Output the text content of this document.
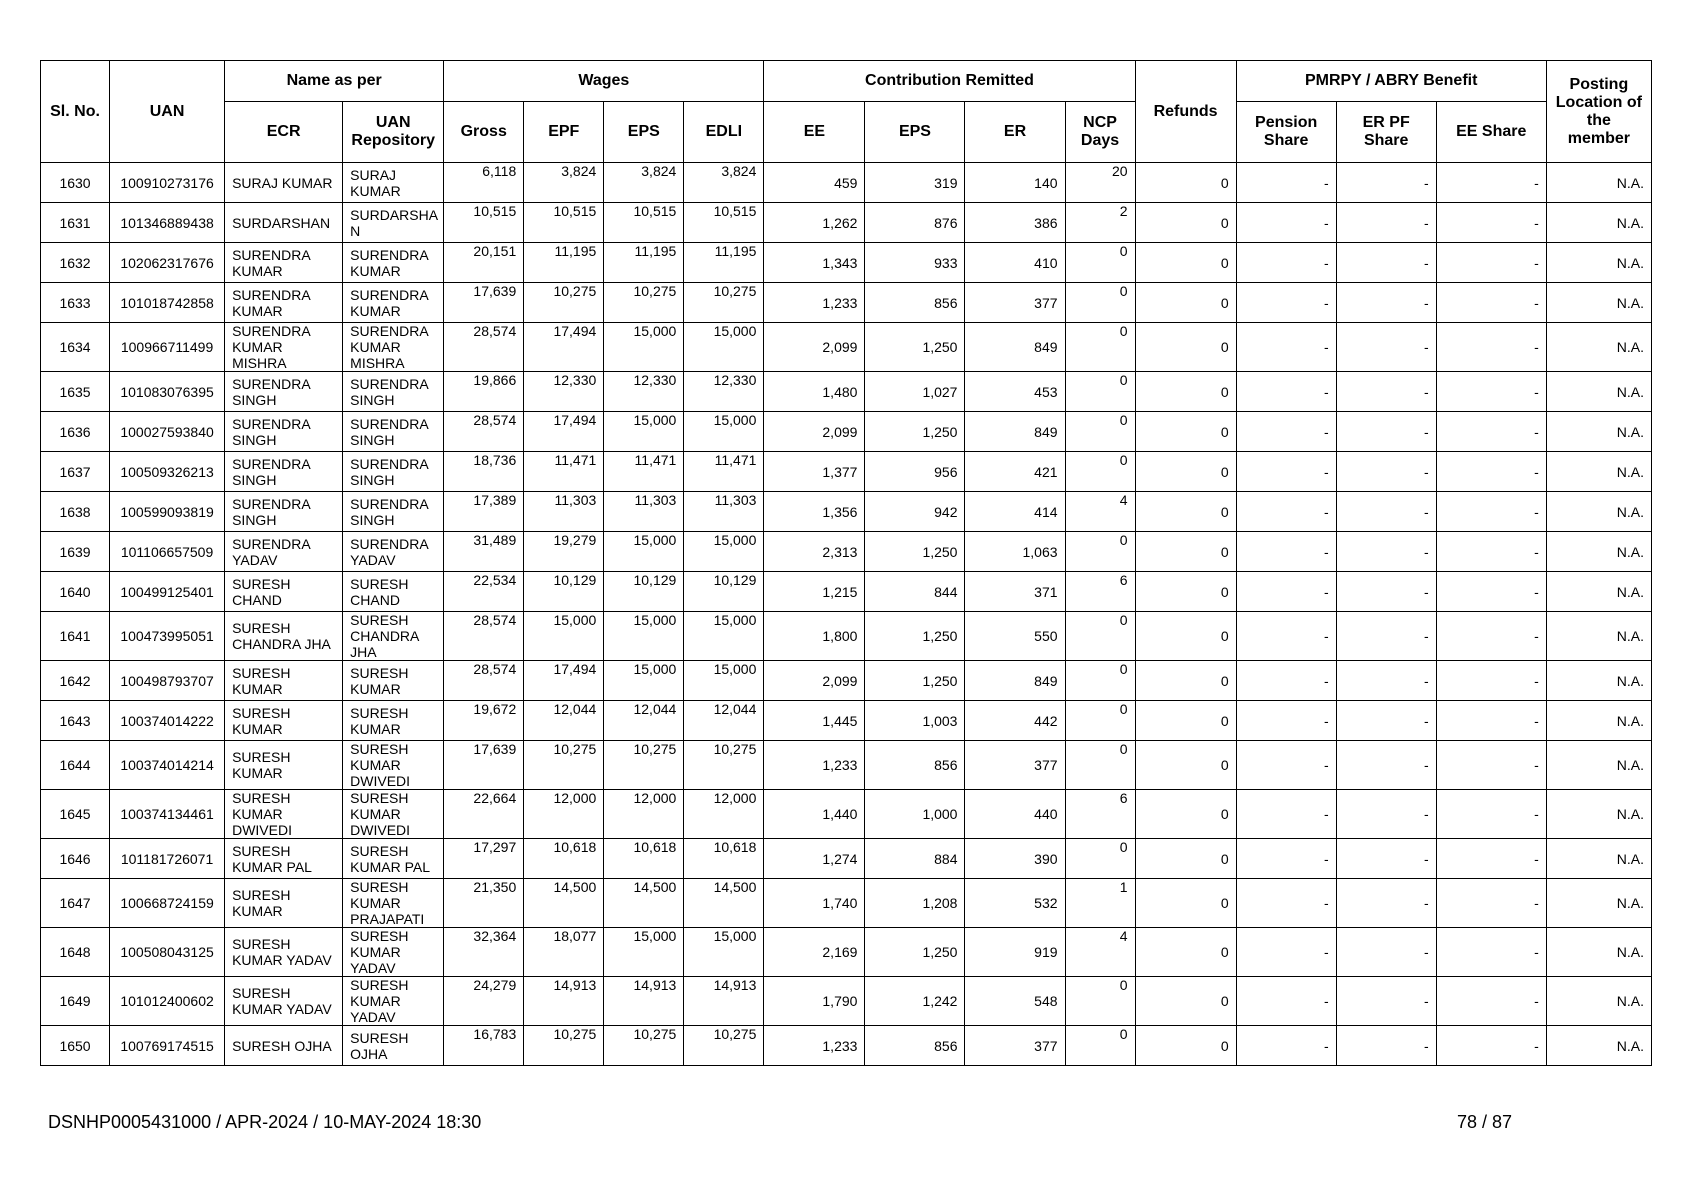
Sl. No.	UAN	Name as per		Wages				Contribution Remitted				Refunds	PMRPY / ABRY Benefit			Posting Location of the member
		ECR	UAN Repository	Gross	EPF	EPS	EDLI	EE	EPS	ER	NCP Days		Pension Share	ER PF Share	EE Share	
1630	100910273176	SURAJ KUMAR	SURAJ KUMAR	6,118	3,824	3,824	3,824	459	319	140	20	0	-	-	-	N.A.
1631	101346889438	SURDARSHAN	SURDARSHA N	10,515	10,515	10,515	10,515	1,262	876	386	2	0	-	-	-	N.A.
1632	102062317676	SURENDRA KUMAR	SURENDRA KUMAR	20,151	11,195	11,195	11,195	1,343	933	410	0	0	-	-	-	N.A.
1633	101018742858	SURENDRA KUMAR	SURENDRA KUMAR	17,639	10,275	10,275	10,275	1,233	856	377	0	0	-	-	-	N.A.
1634	100966711499	SURENDRA KUMAR MISHRA	SURENDRA KUMAR MISHRA	28,574	17,494	15,000	15,000	2,099	1,250	849	0	0	-	-	-	N.A.
1635	101083076395	SURENDRA SINGH	SURENDRA SINGH	19,866	12,330	12,330	12,330	1,480	1,027	453	0	0	-	-	-	N.A.
1636	100027593840	SURENDRA SINGH	SURENDRA SINGH	28,574	17,494	15,000	15,000	2,099	1,250	849	0	0	-	-	-	N.A.
1637	100509326213	SURENDRA SINGH	SURENDRA SINGH	18,736	11,471	11,471	11,471	1,377	956	421	0	0	-	-	-	N.A.
1638	100599093819	SURENDRA SINGH	SURENDRA SINGH	17,389	11,303	11,303	11,303	1,356	942	414	4	0	-	-	-	N.A.
1639	101106657509	SURENDRA YADAV	SURENDRA YADAV	31,489	19,279	15,000	15,000	2,313	1,250	1,063	0	0	-	-	-	N.A.
1640	100499125401	SURESH CHAND	SURESH CHAND	22,534	10,129	10,129	10,129	1,215	844	371	6	0	-	-	-	N.A.
1641	100473995051	SURESH CHANDRA JHA	SURESH CHANDRA JHA	28,574	15,000	15,000	15,000	1,800	1,250	550	0	0	-	-	-	N.A.
1642	100498793707	SURESH KUMAR	SURESH KUMAR	28,574	17,494	15,000	15,000	2,099	1,250	849	0	0	-	-	-	N.A.
1643	100374014222	SURESH KUMAR	SURESH KUMAR	19,672	12,044	12,044	12,044	1,445	1,003	442	0	0	-	-	-	N.A.
1644	100374014214	SURESH KUMAR	SURESH KUMAR DWIVEDI	17,639	10,275	10,275	10,275	1,233	856	377	0	0	-	-	-	N.A.
1645	100374134461	SURESH KUMAR DWIVEDI	SURESH KUMAR DWIVEDI	22,664	12,000	12,000	12,000	1,440	1,000	440	6	0	-	-	-	N.A.
1646	101181726071	SURESH KUMAR PAL	SURESH KUMAR PAL	17,297	10,618	10,618	10,618	1,274	884	390	0	0	-	-	-	N.A.
1647	100668724159	SURESH KUMAR	SURESH KUMAR PRAJAPATI	21,350	14,500	14,500	14,500	1,740	1,208	532	1	0	-	-	-	N.A.
1648	100508043125	SURESH KUMAR YADAV	SURESH KUMAR YADAV	32,364	18,077	15,000	15,000	2,169	1,250	919	4	0	-	-	-	N.A.
1649	101012400602	SURESH KUMAR YADAV	SURESH KUMAR YADAV	24,279	14,913	14,913	14,913	1,790	1,242	548	0	0	-	-	-	N.A.
1650	100769174515	SURESH OJHA	SURESH OJHA	16,783	10,275	10,275	10,275	1,233	856	377	0	0	-	-	-	N.A.
DSNHP0005431000 / APR-2024 / 10-MAY-2024 18:30	78 / 87
